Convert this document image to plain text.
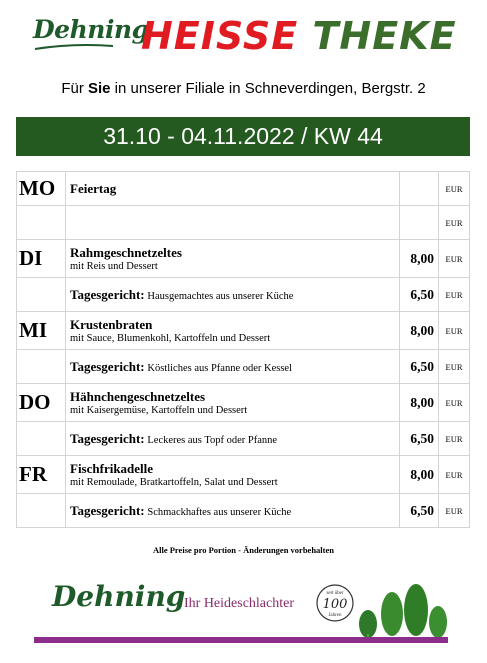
Dehning
HEISSE THEKE
Für Sie in unserer Filiale in Schneverdingen, Bergstr. 2
31.10 - 04.11.2022 / KW 44
MO	Feiertag		EUR

		EUR
DI	Rahmgeschnetzeltes
mit Reis und Dessert	8,00	EUR
	Tagesgericht: Hausgemachtes aus unserer Küche	6,50	EUR
MI	Krustenbraten
mit Sauce, Blumenkohl, Kartoffeln und Dessert	8,00	EUR
	Tagesgericht: Köstliches aus Pfanne oder Kessel	6,50	EUR
DO	Hähnchengeschnetzeltes
mit Kaisergemüse, Kartoffeln und Dessert	8,00	EUR
	Tagesgericht: Leckeres aus Topf oder Pfanne	6,50	EUR
FR	Fischfrikadelle
mit Remoulade, Bratkartoffeln, Salat und Dessert	8,00	EUR
	Tagesgericht: Schmackhaftes aus unserer Küche	6,50	EUR
Alle Preise pro Portion - Änderungen vorbehalten
Dehning
Ihr Heideschlachter
seit über
100
Jahren
